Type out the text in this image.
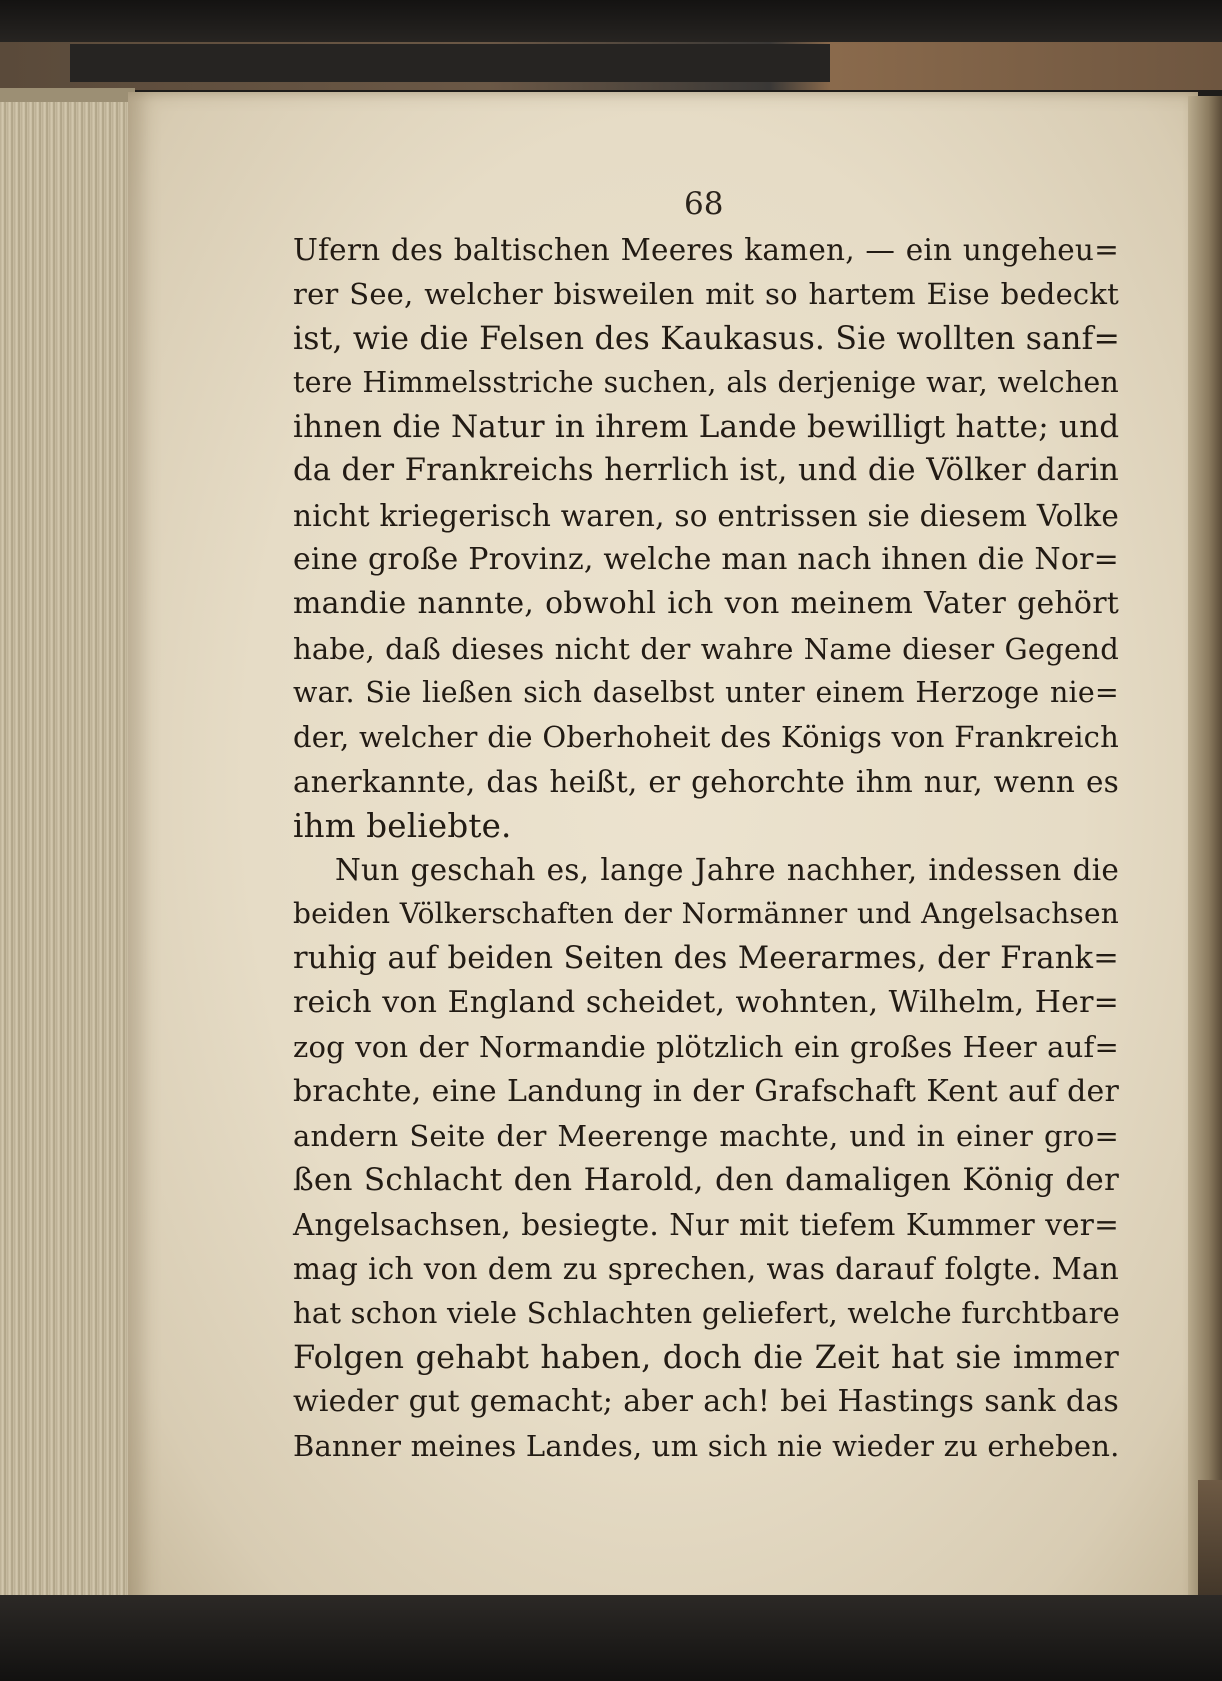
68
Ufern des baltischen Meeres kamen, — ein ungeheu=
rer See, welcher bisweilen mit so hartem Eise bedeckt
ist, wie die Felsen des Kaukasus. Sie wollten sanf=
tere Himmelsstriche suchen, als derjenige war, welchen
ihnen die Natur in ihrem Lande bewilligt hatte; und
da der Frankreichs herrlich ist, und die Völker darin
nicht kriegerisch waren, so entrissen sie diesem Volke
eine große Provinz, welche man nach ihnen die Nor=
mandie nannte, obwohl ich von meinem Vater gehört
habe, daß dieses nicht der wahre Name dieser Gegend
war. Sie ließen sich daselbst unter einem Herzoge nie=
der, welcher die Oberhoheit des Königs von Frankreich
anerkannte, das heißt, er gehorchte ihm nur, wenn es
ihm beliebte.
Nun geschah es, lange Jahre nachher, indessen die
beiden Völkerschaften der Normänner und Angelsachsen
ruhig auf beiden Seiten des Meerarmes, der Frank=
reich von England scheidet, wohnten, Wilhelm, Her=
zog von der Normandie plötzlich ein großes Heer auf=
brachte, eine Landung in der Grafschaft Kent auf der
andern Seite der Meerenge machte, und in einer gro=
ßen Schlacht den Harold, den damaligen König der
Angelsachsen, besiegte. Nur mit tiefem Kummer ver=
mag ich von dem zu sprechen, was darauf folgte. Man
hat schon viele Schlachten geliefert, welche furchtbare
Folgen gehabt haben, doch die Zeit hat sie immer
wieder gut gemacht; aber ach! bei Hastings sank das
Banner meines Landes, um sich nie wieder zu erheben.
